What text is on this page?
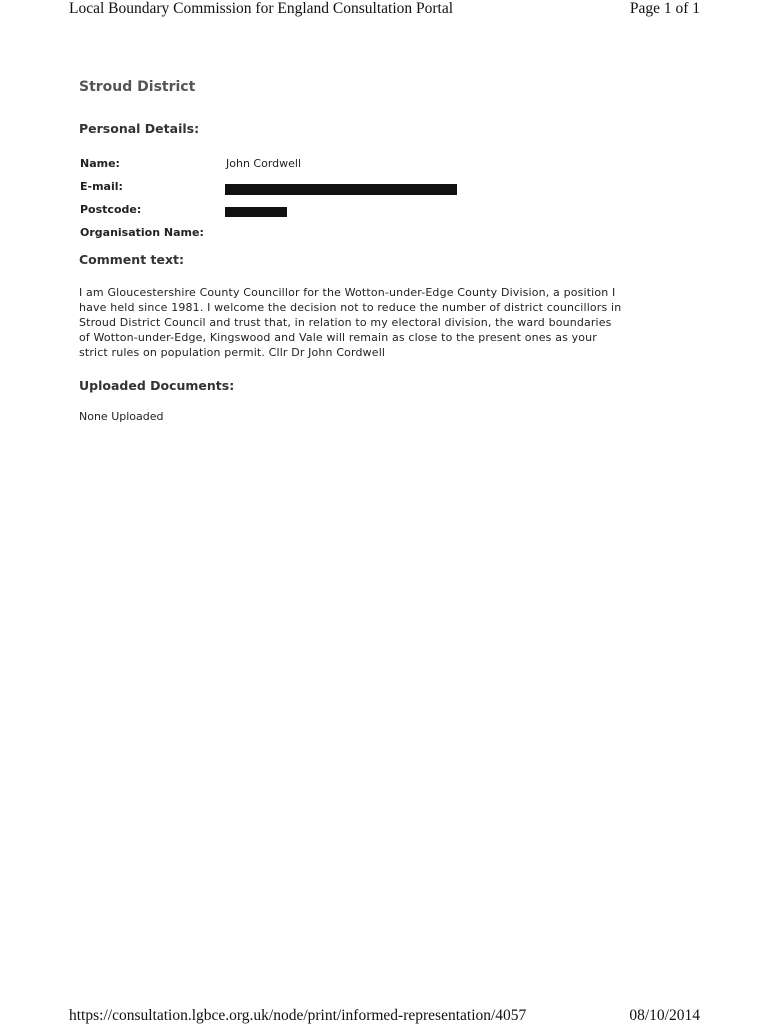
Local Boundary Commission for England Consultation Portal	Page 1 of 1
Stroud District
Personal Details:
Name:	John Cordwell
E-mail:
Postcode:
Organisation Name:
Comment text:
I am Gloucestershire County Councillor for the Wotton-under-Edge County Division, a position I
have held since 1981. I welcome the decision not to reduce the number of district councillors in
Stroud District Council and trust that, in relation to my electoral division, the ward boundaries
of Wotton-under-Edge, Kingswood and Vale will remain as close to the present ones as your
strict rules on population permit. Cllr Dr John Cordwell
Uploaded Documents:
None Uploaded
https://consultation.lgbce.org.uk/node/print/informed-representation/4057	08/10/2014
